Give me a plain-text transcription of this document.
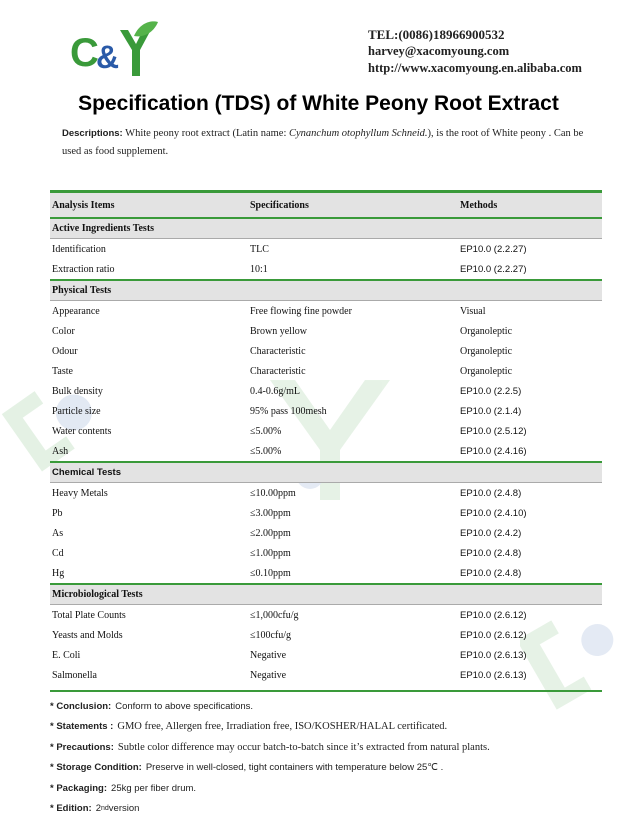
C
&
TEL:(0086)18966900532
harvey@xacomyoung.com
http://www.xacomyoung.en.alibaba.com
Specification (TDS) of White Peony Root Extract
Descriptions: White peony root extract (Latin name: Cynanchum otophyllum Schneid.), is the root of White peony . Can be used as food supplement.
Analysis Items	Specifications	Methods
Active Ingredients Tests
Identification	TLC	EP10.0 (2.2.27)
Extraction ratio	10:1	EP10.0 (2.2.27)
Physical Tests
Appearance	Free flowing fine powder	Visual
Color	Brown yellow	Organoleptic
Odour	Characteristic	Organoleptic
Taste	Characteristic	Organoleptic
Bulk density	0.4-0.6g/mL	EP10.0 (2.2.5)
Particle size	95% pass 100mesh	EP10.0 (2.1.4)
Water contents	≤5.00%	EP10.0 (2.5.12)
Ash	≤5.00%	EP10.0 (2.4.16)
Chemical Tests
Heavy Metals	≤10.00ppm	EP10.0 (2.4.8)
Pb	≤3.00ppm	EP10.0 (2.4.10)
As	≤2.00ppm	EP10.0 (2.4.2)
Cd	≤1.00ppm	EP10.0 (2.4.8)
Hg	≤0.10ppm	EP10.0 (2.4.8)
Microbiological Tests
Total Plate Counts	≤1,000cfu/g	EP10.0 (2.6.12)
Yeasts and Molds	≤100cfu/g	EP10.0 (2.6.12)
E. Coli	Negative	EP10.0 (2.6.13)
Salmonella	Negative	EP10.0 (2.6.13)
* Conclusion: Conform to above specifications.
* Statements : GMO free, Allergen free, Irradiation free, ISO/KOSHER/HALAL certificated.
* Precautions: Subtle color difference may occur batch-to-batch since it’s extracted from natural plants.
* Storage Condition: Preserve in well-closed, tight containers with temperature below 25℃ .
* Packaging: 25kg per fiber drum.
* Edition: 2 nd version
